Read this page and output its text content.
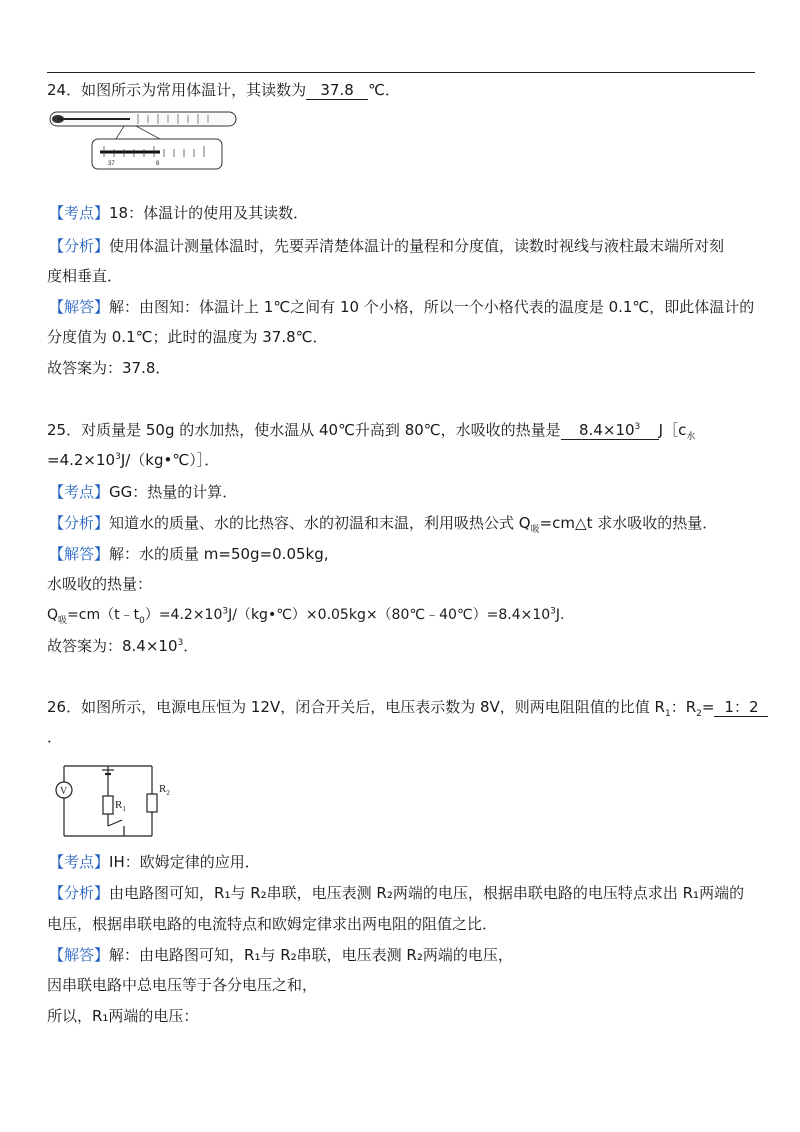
24．如图所示为常用体温计，其读数为 37.8 ℃．
37	8
【考点】18：体温计的使用及其读数．
【分析】使用体温计测量体温时，先要弄清楚体温计的量程和分度值，读数时视线与液柱最末端所对刻
度相垂直．
【解答】解：由图知：体温计上 1℃之间有 10 个小格，所以一个小格代表的温度是 0.1℃，即此体温计的
分度值为 0.1℃；此时的温度为 37.8℃．
故答案为：37.8．
25．对质量是 50g 的水加热，使水温从 40℃升高到 80℃，水吸收的热量是 $8.4\times 10^3$ $J[c_水$
$=4.2\times 10^3J/(kg•℃)]$．
【考点】GG：热量的计算．
【分析】知道水的质量、水的比热容、水的初温和末温，利用吸热公式 $Q_吸=cm\triangle t$ 求水吸收的热量．
【解答】解：水的质量 m=50g=0.05kg,
水吸收的热量：
$Q_吸=cm(t﹣t_0)=4.2\times 10^3J/(kg•℃)\times 0.05kg\times(80℃﹣40℃)=8.4\times 10^3J$.
故答案为：$8.4\times 10^3$．
26．如图所示，电源电压恒为 12V，闭合开关后，电压表示数为 8V，则两电阻阻值的比值 $R_1$：$R_2= 1$：2
．
V
$R_1$
$R_2$
【考点】IH：欧姆定律的应用．
【分析】由电路图可知，R₁与 R₂串联，电压表测 R₂两端的电压，根据串联电路的电压特点求出 R₁两端的
电压，根据串联电路的电流特点和欧姆定律求出两电阻的阻值之比．
【解答】解：由电路图可知，R₁与 R₂串联，电压表测 R₂两端的电压，
因串联电路中总电压等于各分电压之和，
所以，R₁两端的电压：
